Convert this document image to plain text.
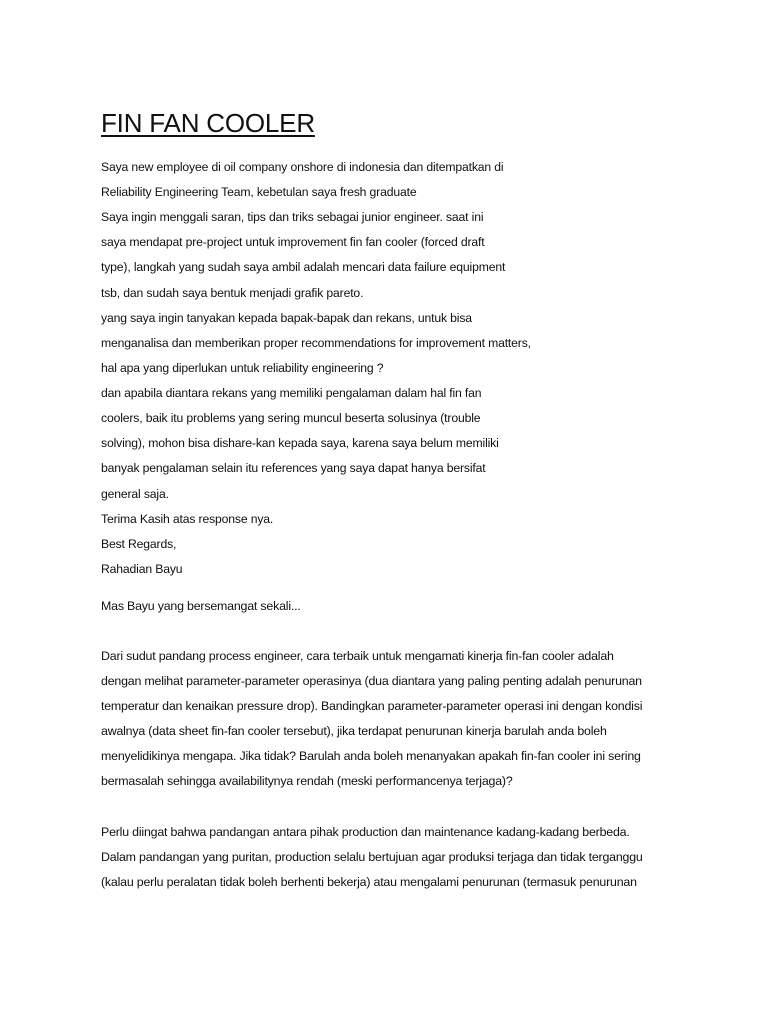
FIN FAN COOLER

Saya new employee di oil company onshore di indonesia dan ditempatkan di

Reliability Engineering Team, kebetulan saya fresh graduate

Saya ingin menggali saran, tips dan triks sebagai junior engineer. saat ini

saya mendapat pre-project untuk improvement fin fan cooler (forced draft

type), langkah yang sudah saya ambil adalah mencari data failure equipment

tsb, dan sudah saya bentuk menjadi grafik pareto.

yang saya ingin tanyakan kepada bapak-bapak dan rekans, untuk bisa

menganalisa dan memberikan proper recommendations for improvement matters,

hal apa yang diperlukan untuk reliability engineering ?

dan apabila diantara rekans yang memiliki pengalaman dalam hal fin fan

coolers, baik itu problems yang sering muncul beserta solusinya (trouble

solving), mohon bisa dishare-kan kepada saya, karena saya belum memiliki

banyak pengalaman selain itu references yang saya dapat hanya bersifat

general saja.

Terima Kasih atas response nya.

Best Regards,

Rahadian Bayu

Mas Bayu yang bersemangat sekali...

Dari sudut pandang process engineer, cara terbaik untuk mengamati kinerja fin-fan cooler adalah

dengan melihat parameter-parameter operasinya (dua diantara yang paling penting adalah penurunan

temperatur dan kenaikan pressure drop). Bandingkan parameter-parameter operasi ini dengan kondisi

awalnya (data sheet fin-fan cooler tersebut), jika terdapat penurunan kinerja barulah anda boleh

menyelidikinya mengapa. Jika tidak? Barulah anda boleh menanyakan apakah fin-fan cooler ini sering

bermasalah sehingga availabilitynya rendah (meski performancenya terjaga)?

Perlu diingat bahwa pandangan antara pihak production dan maintenance kadang-kadang berbeda.

Dalam pandangan yang puritan, production selalu bertujuan agar produksi terjaga dan tidak terganggu

(kalau perlu peralatan tidak boleh berhenti bekerja) atau mengalami penurunan (termasuk penurunan
